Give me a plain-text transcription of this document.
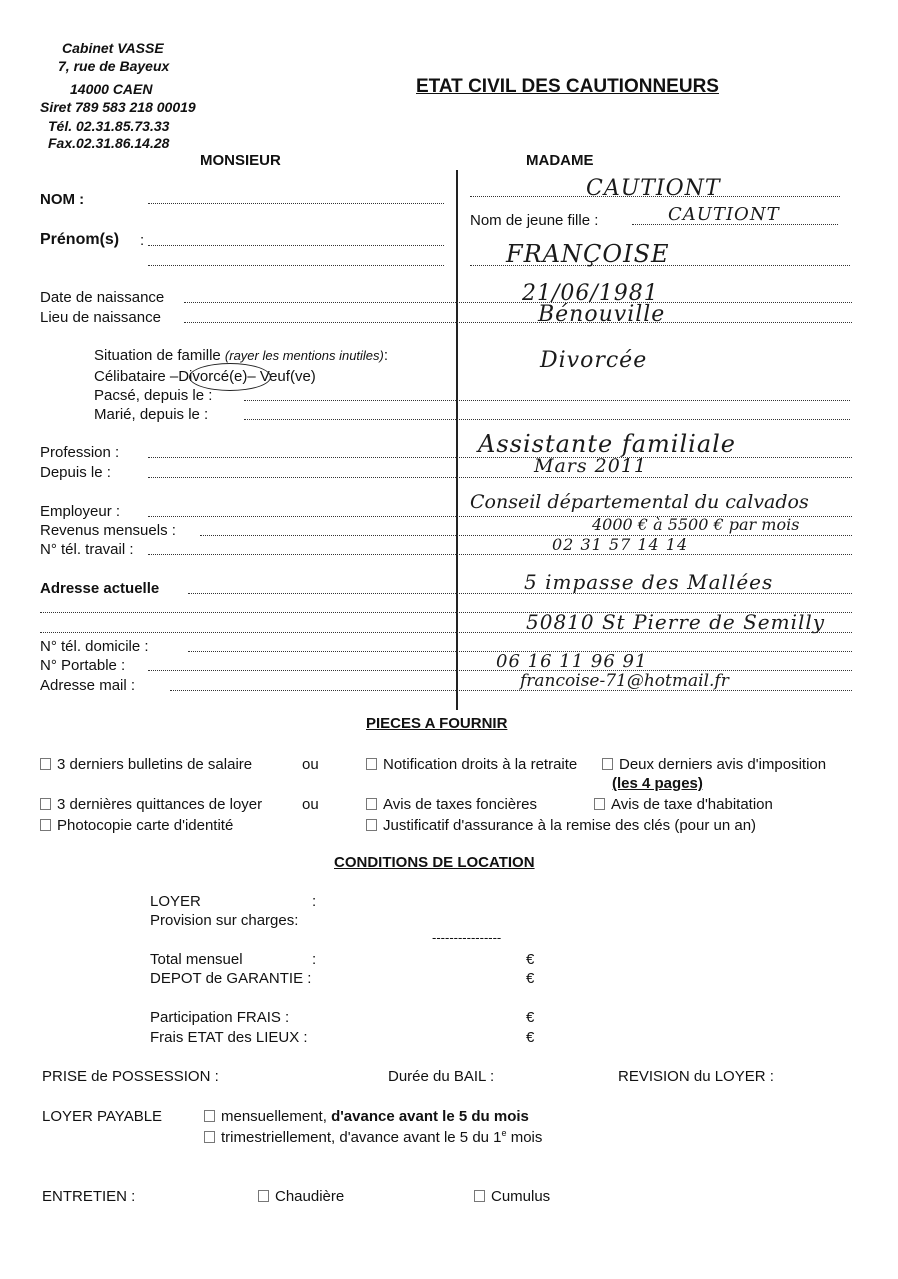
Cabinet VASSE
7, rue de Bayeux
14000 CAEN
Siret 789 583 218 00019
Tél. 02.31.85.73.33
Fax.02.31.86.14.28
ETAT CIVIL DES CAUTIONNEURS
MONSIEUR	MADAME
NOM :	CAUTIONT
Nom de jeune fille :	CAUTIONT
Prénom(s) :	FRANÇOISE
Date de naissance	21/06/1981
Lieu de naissance	Bénouville
Situation de famille (rayer les mentions inutiles):
Célibataire –Divorcé(e)– Veuf(ve)
Divorcée
Pacsé, depuis le :
Marié, depuis le :
Profession :	Assistante familiale
Depuis le :	Mars 2011
Employeur :	Conseil départemental du calvados
Revenus mensuels :	4000 € à 5500 € par mois
N° tél. travail :	02 31 57 14 14
Adresse actuelle	5 impasse des Mallées
50810 St Pierre de Semilly
N° tél. domicile :
N° Portable :	06 16 11 96 91
Adresse mail :	francoise-71@hotmail.fr
PIECES A FOURNIR
3 derniers bulletins de salaire	ou	Notification droits à la retraite	Deux derniers avis d'imposition
(les 4 pages)
3 dernières quittances de loyer	ou	Avis de taxes foncières	Avis de taxe d'habitation
Photocopie carte d'identité	Justificatif d'assurance à la remise des clés (pour un an)
CONDITIONS DE LOCATION
LOYER	:
Provision sur charges:
----------------
Total mensuel	:	€
DEPOT de GARANTIE :	€
Participation FRAIS :	€
Frais ETAT des LIEUX :	€
PRISE de POSSESSION :	Durée du BAIL :	REVISION du LOYER :
LOYER PAYABLE	mensuellement, d'avance avant le 5 du mois
trimestriellement, d'avance avant le 5 du 1e mois
ENTRETIEN :	Chaudière	Cumulus
